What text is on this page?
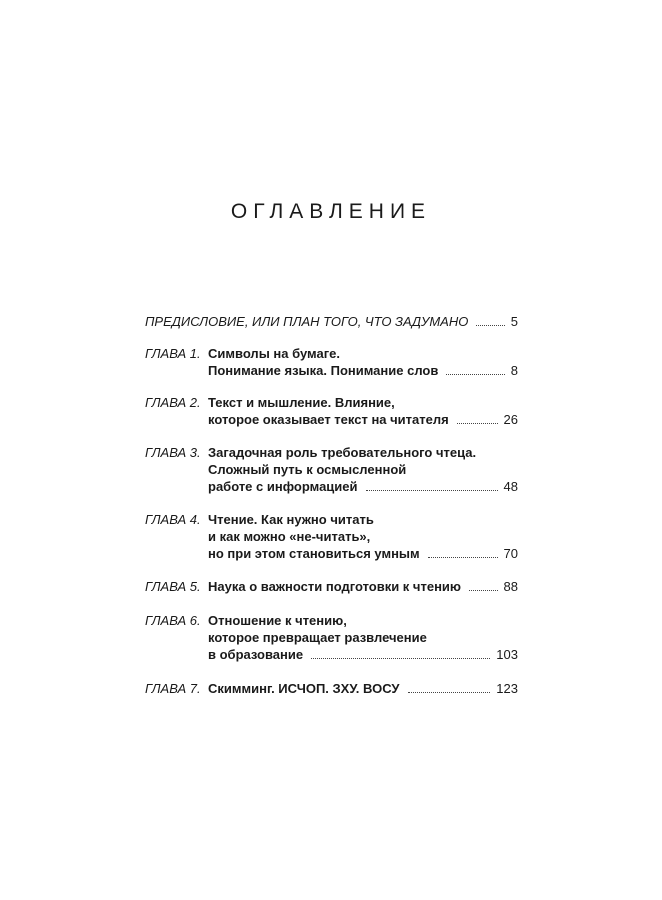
ОГЛАВЛЕНИЕ
ПРЕДИСЛОВИЕ, ИЛИ ПЛАН ТОГО, ЧТО ЗАДУМАНО	5
ГЛАВА 1. Символы на бумаге.
Понимание языка. Понимание слов	8
ГЛАВА 2. Текст и мышление. Влияние,
которое оказывает текст на читателя	26
ГЛАВА 3. Загадочная роль требовательного чтеца.
Сложный путь к осмысленной
работе с информацией	48
ГЛАВА 4. Чтение. Как нужно читать
и как можно «не-читать»,
но при этом становиться умным	70
ГЛАВА 5. Наука о важности подготовки к чтению	88
ГЛАВА 6. Отношение к чтению,
которое превращает развлечение
в образование	103
ГЛАВА 7. Скимминг. ИСЧОП. ЗХУ. ВОСУ	123
